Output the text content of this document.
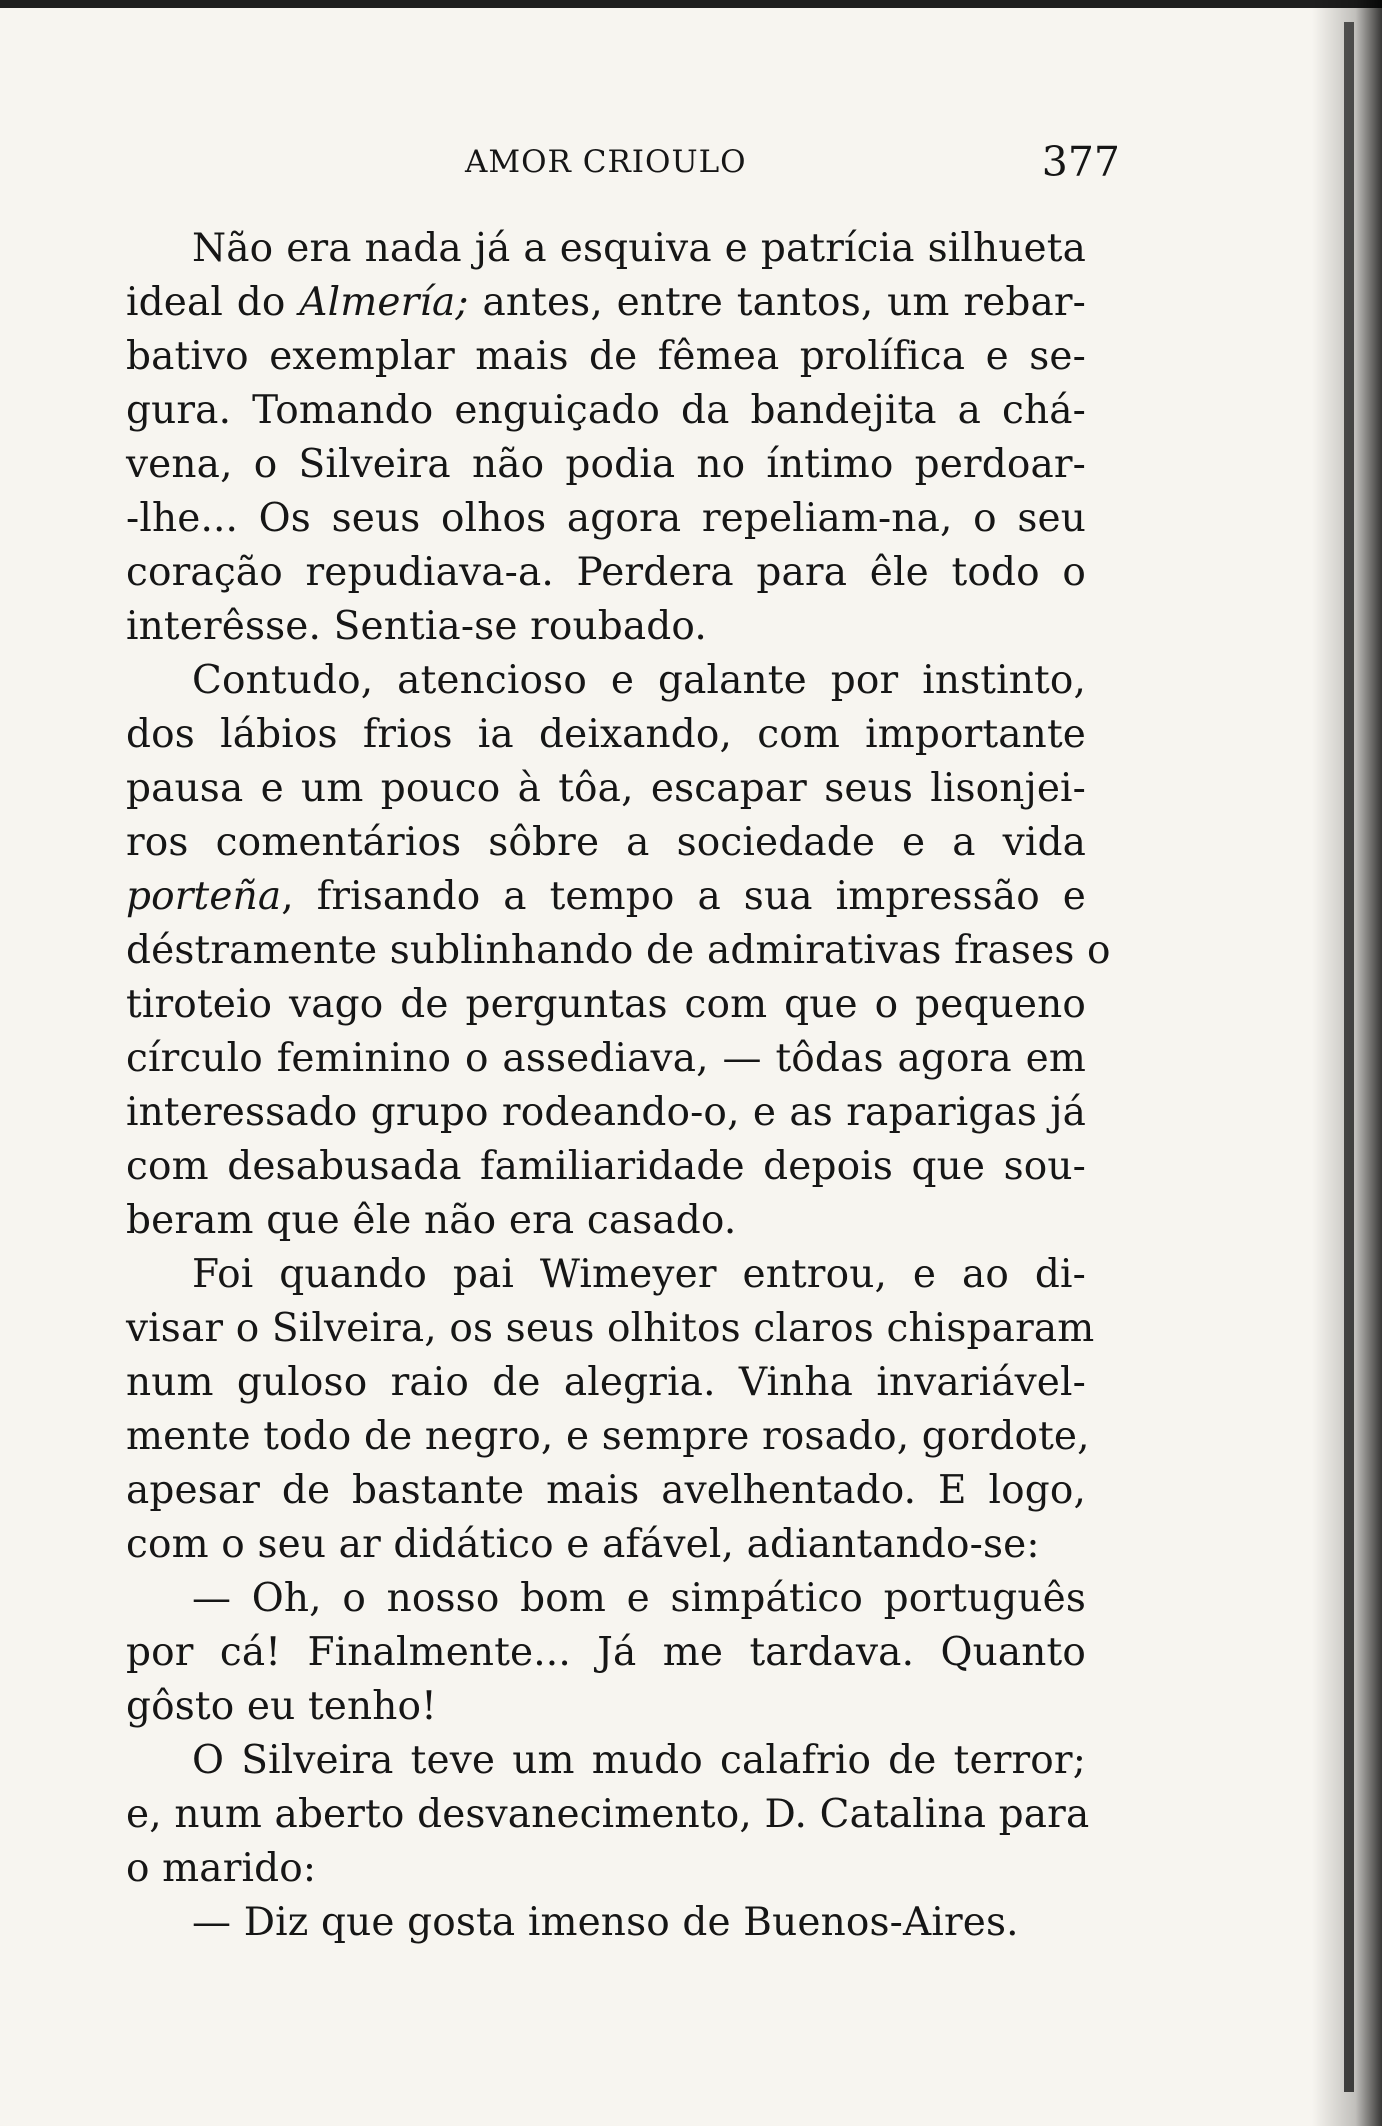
AMOR CRIOULO	377
Não era nada já a esquiva e patrícia silhueta
ideal do Almería; antes, entre tantos, um rebar-
bativo exemplar mais de fêmea prolífica e se-
gura. Tomando enguiçado da bandejita a chá-
vena, o Silveira não podia no íntimo perdoar-
-lhe... Os seus olhos agora repeliam-na, o seu
coração repudiava-a. Perdera para êle todo o
interêsse. Sentia-se roubado.
Contudo, atencioso e galante por instinto,
dos lábios frios ia deixando, com importante
pausa e um pouco à tôa, escapar seus lisonjei-
ros comentários sôbre a sociedade e a vida
porteña, frisando a tempo a sua impressão e
déstramente sublinhando de admirativas frases o
tiroteio vago de perguntas com que o pequeno
círculo feminino o assediava, — tôdas agora em
interessado grupo rodeando-o, e as raparigas já
com desabusada familiaridade depois que sou-
beram que êle não era casado.
Foi quando pai Wimeyer entrou, e ao di-
visar o Silveira, os seus olhitos claros chisparam
num guloso raio de alegria. Vinha invariável-
mente todo de negro, e sempre rosado, gordote,
apesar de bastante mais avelhentado. E logo,
com o seu ar didático e afável, adiantando-se:
— Oh, o nosso bom e simpático português
por cá! Finalmente... Já me tardava. Quanto
gôsto eu tenho!
O Silveira teve um mudo calafrio de terror;
e, num aberto desvanecimento, D. Catalina para
o marido:
— Diz que gosta imenso de Buenos-Aires.
